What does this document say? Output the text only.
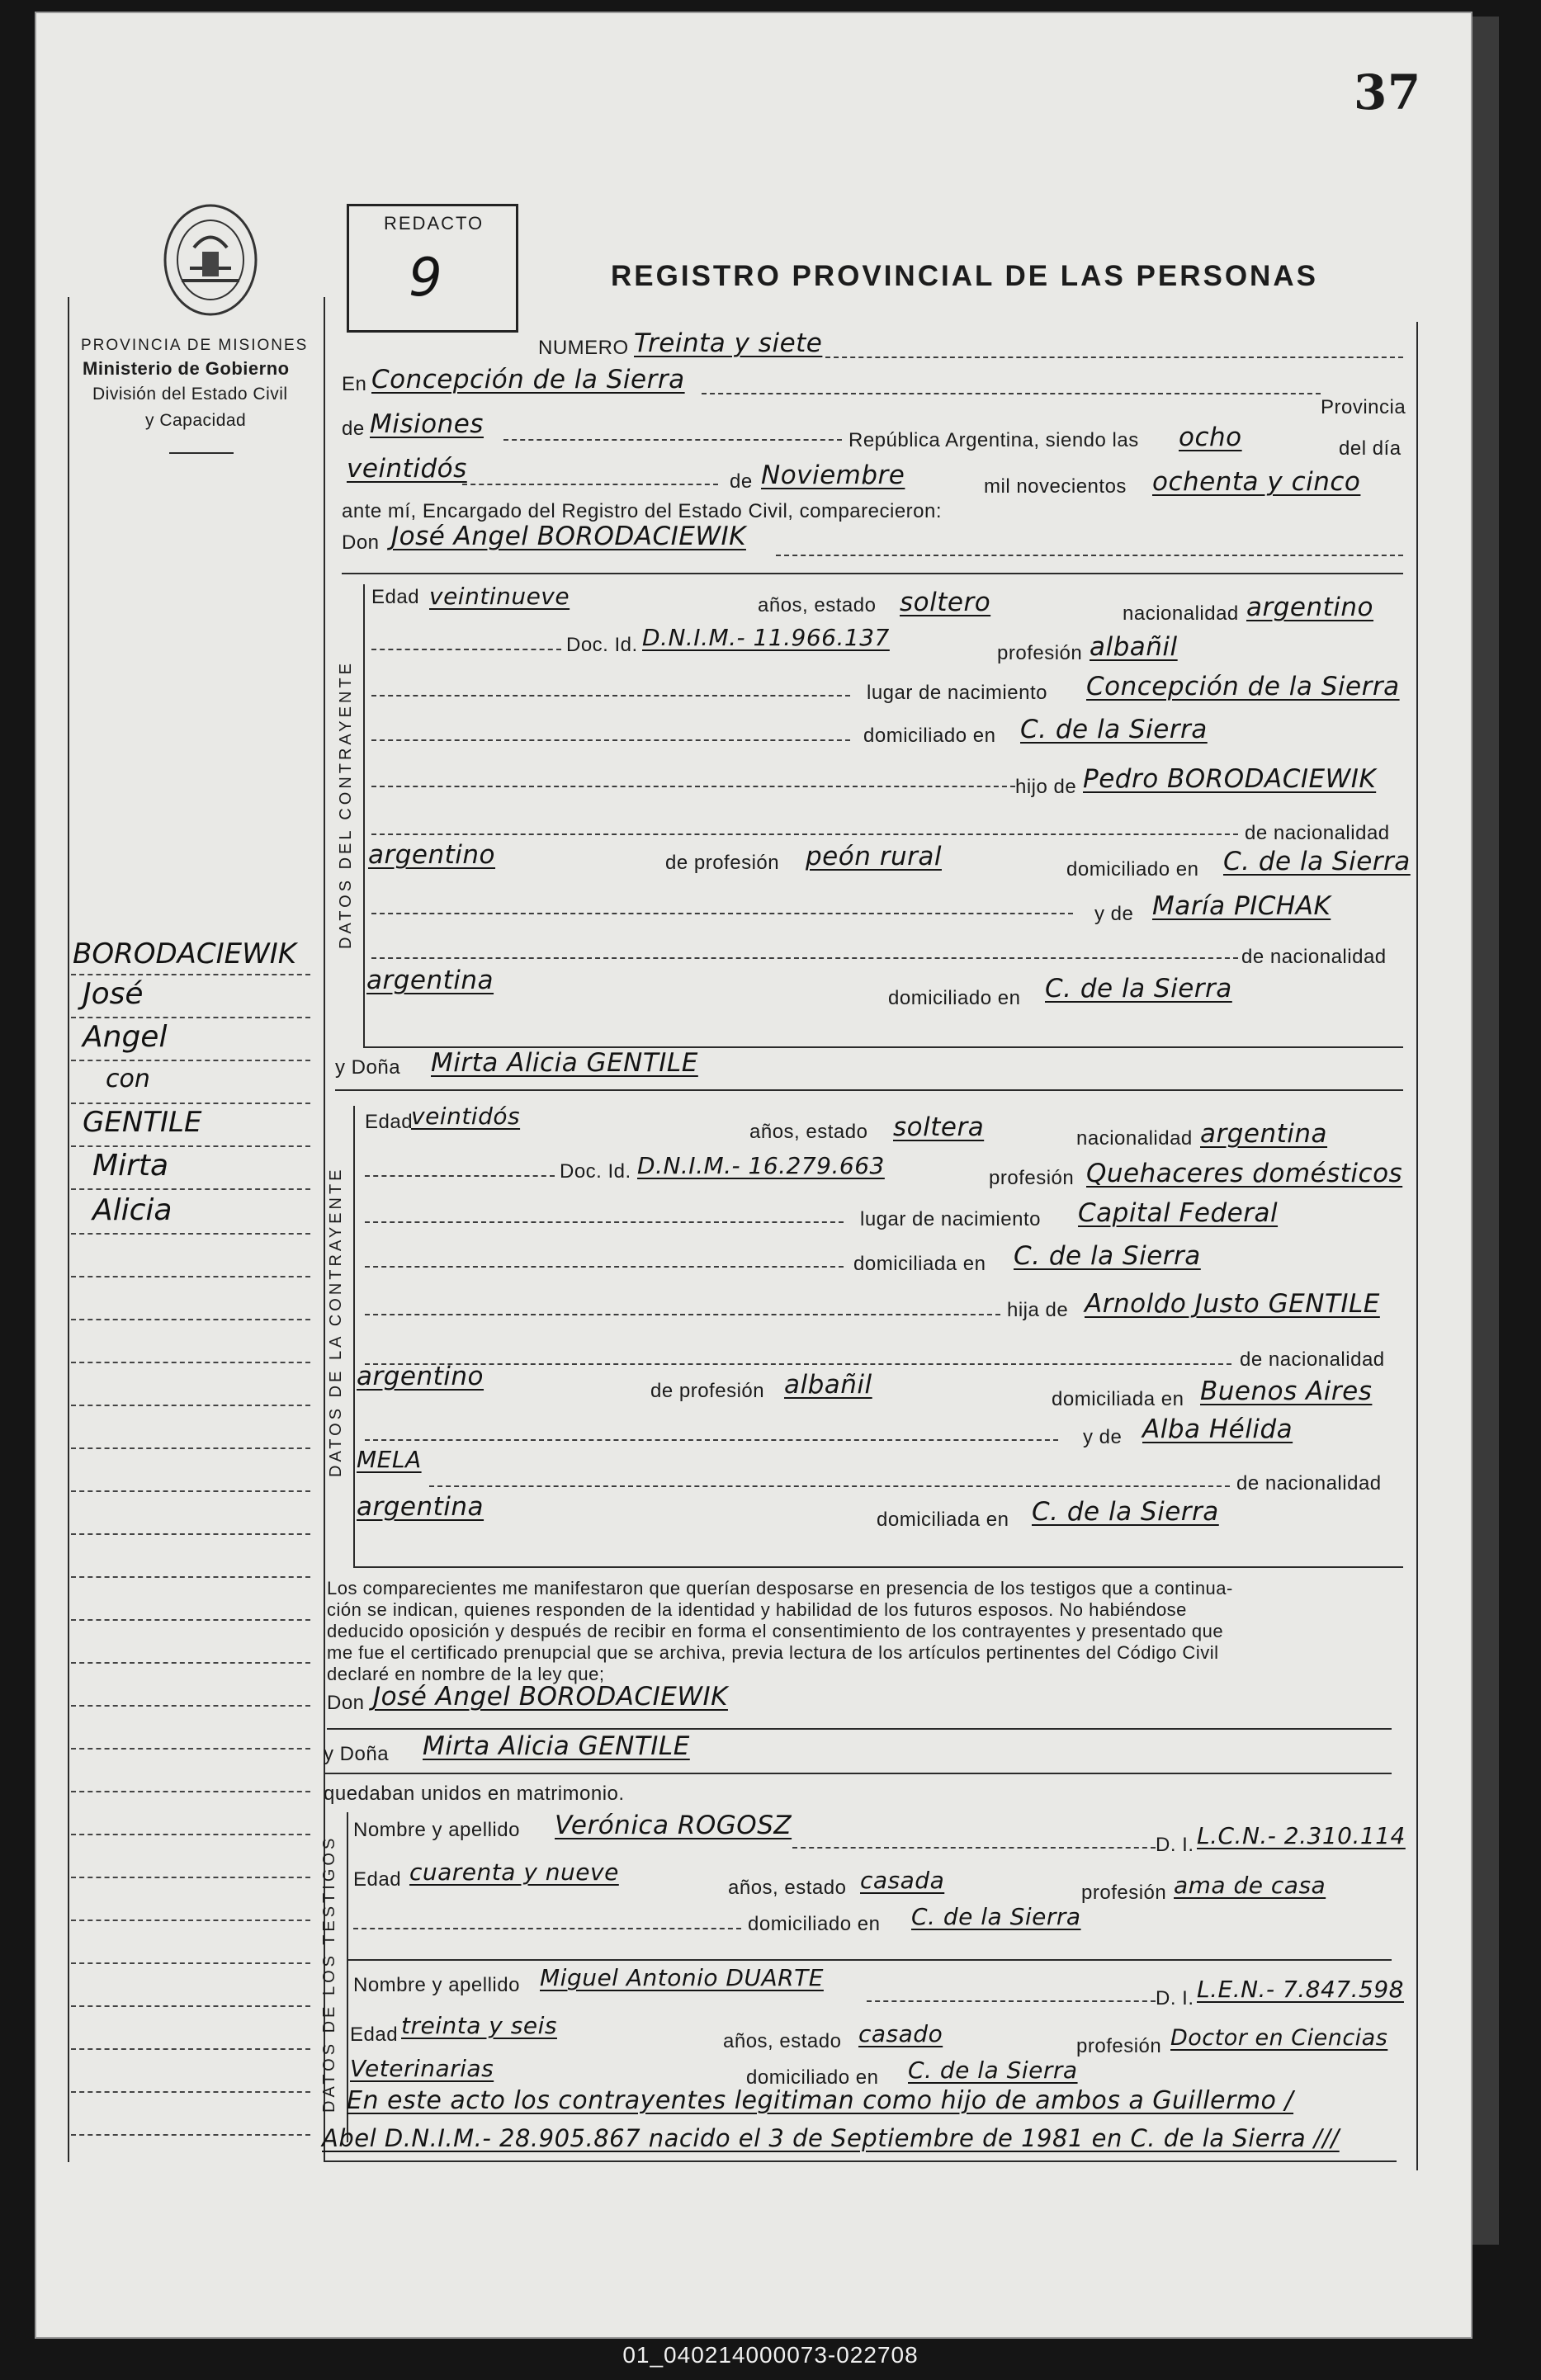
37
PROVINCIA DE MISIONES
Ministerio de Gobierno
División del Estado Civil
y Capacidad
REDACTO
9	REGISTRO PROVINCIAL DE LAS PERSONAS
NUMERO Treinta y siete
En Concepción de la Sierra
Provincia
de Misiones
República Argentina, siendo las ocho	del día
veintidós	de Noviembre	mil novecientos ochenta y cinco
ante mí, Encargado del Registro del Estado Civil, comparecieron:
Don José Angel BORODACIEWIK
DATOS DEL CONTRAYENTE
Edad veintinueve	años, estado soltero	nacionalidad argentino
Doc. Id. D.N.I.M.- 11.966.137
profesión albañil
lugar de nacimiento Concepción de la Sierra
domiciliado en C. de la Sierra
hijo de Pedro BORODACIEWIK
de nacionalidad
argentino	de profesión peón rural	domiciliado en C. de la Sierra
y de María PICHAK
de nacionalidad
argentina
domiciliado en C. de la Sierra
y Doña Mirta Alicia GENTILE
DATOS DE LA CONTRAYENTE
Edad
veintidós
años, estado soltera	nacionalidad argentina
Doc. Id. D.N.I.M.- 16.279.663	profesión Quehaceres domésticos
lugar de nacimiento Capital Federal
domiciliada en C. de la Sierra
hija de Arnoldo Justo GENTILE
de nacionalidad
argentino	de profesión albañil	domiciliada en Buenos Aires
y de Alba Hélida
MELA
de nacionalidad
argentina	domiciliada en C. de la Sierra
Los comparecientes me manifestaron que querían desposarse en presencia de los testigos que a continua-
ción se indican, quienes responden de la identidad y habilidad de los futuros esposos. No habiéndose
deducido oposición y después de recibir en forma el consentimiento de los contrayentes y presentado que
me fue el certificado prenupcial que se archiva, previa lectura de los artículos pertinentes del Código Civil
declaré en nombre de la ley que;
Don José Angel BORODACIEWIK
y Doña Mirta Alicia GENTILE
quedaban unidos en matrimonio.
DATOS DE LOS TESTIGOS
Nombre y apellido Verónica ROGOSZ
D. I. L.C.N.- 2.310.114
Edad cuarenta y nueve
años, estado casada	profesión ama de casa
domiciliado en C. de la Sierra
Nombre y apellido Miguel Antonio DUARTE
D. I. L.E.N.- 7.847.598
Edad treinta y seis
años, estado casado	profesión Doctor en Ciencias
Veterinarias	domiciliado en C. de la Sierra
En este acto los contrayentes legitiman como hijo de ambos a Guillermo /
Abel D.N.I.M.- 28.905.867 nacido el 3 de Septiembre de 1981 en C. de la Sierra ///
BORODACIEWIK
José
Angel
con
GENTILE
Mirta
Alicia
01_040214000073-022708
